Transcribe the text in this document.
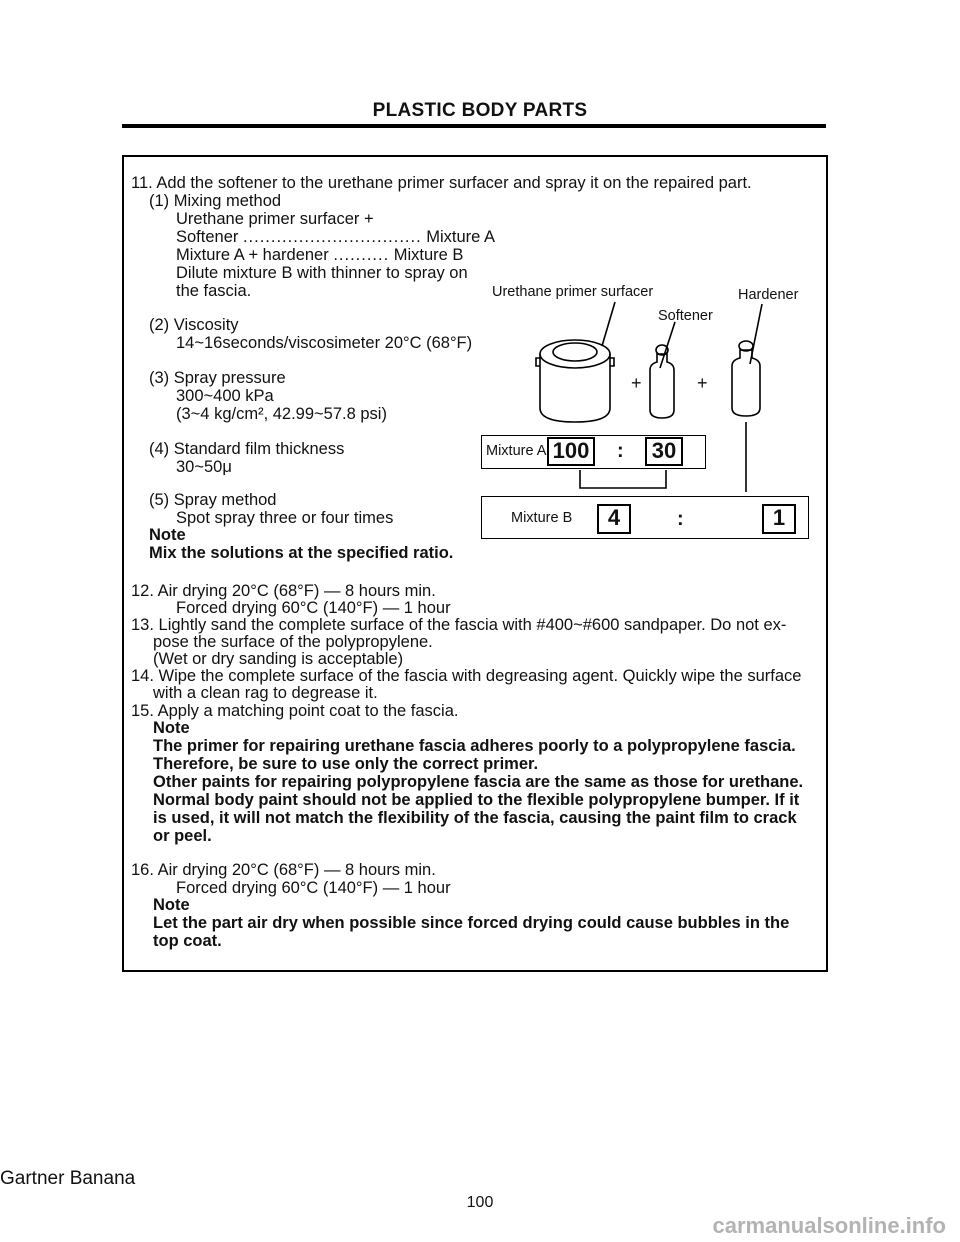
PLASTIC BODY PARTS
11. Add the softener to the urethane primer surfacer and spray it on the repaired part.
(1) Mixing method
Urethane primer surfacer +
Softener ................................ Mixture A
Mixture A + hardener .......... Mixture B
Dilute mixture B with thinner to spray on
the fascia.
(2) Viscosity
14~16seconds/viscosimeter 20°C (68°F)
(3) Spray pressure
300~400 kPa
(3~4 kg/cm², 42.99~57.8 psi)
(4) Standard film thickness
30~50μ
(5) Spray method
Spot spray three or four times
Note
Mix the solutions at the specified ratio.
Urethane primer surfacer
Softener
Hardener
+	+
Mixture A 100 :	30
Mixture B	4	:	1
12. Air drying 20°C (68°F) — 8 hours min.
Forced drying 60°C (140°F) — 1 hour
13. Lightly sand the complete surface of the fascia with #400~#600 sandpaper. Do not ex-
pose the surface of the polypropylene.
(Wet or dry sanding is acceptable)
14. Wipe the complete surface of the fascia with degreasing agent. Quickly wipe the surface
with a clean rag to degrease it.
15. Apply a matching point coat to the fascia.
Note
The primer for repairing urethane fascia adheres poorly to a polypropylene fascia.
Therefore, be sure to use only the correct primer.
Other paints for repairing polypropylene fascia are the same as those for urethane.
Normal body paint should not be applied to the flexible polypropylene bumper. If it
is used, it will not match the flexibility of the fascia, causing the paint film to crack
or peel.
16. Air drying 20°C (68°F) — 8 hours min.
Forced drying 60°C (140°F) — 1 hour
Note
Let the part air dry when possible since forced drying could cause bubbles in the
top coat.
Gartner Banana
100
carmanualsonline.info
